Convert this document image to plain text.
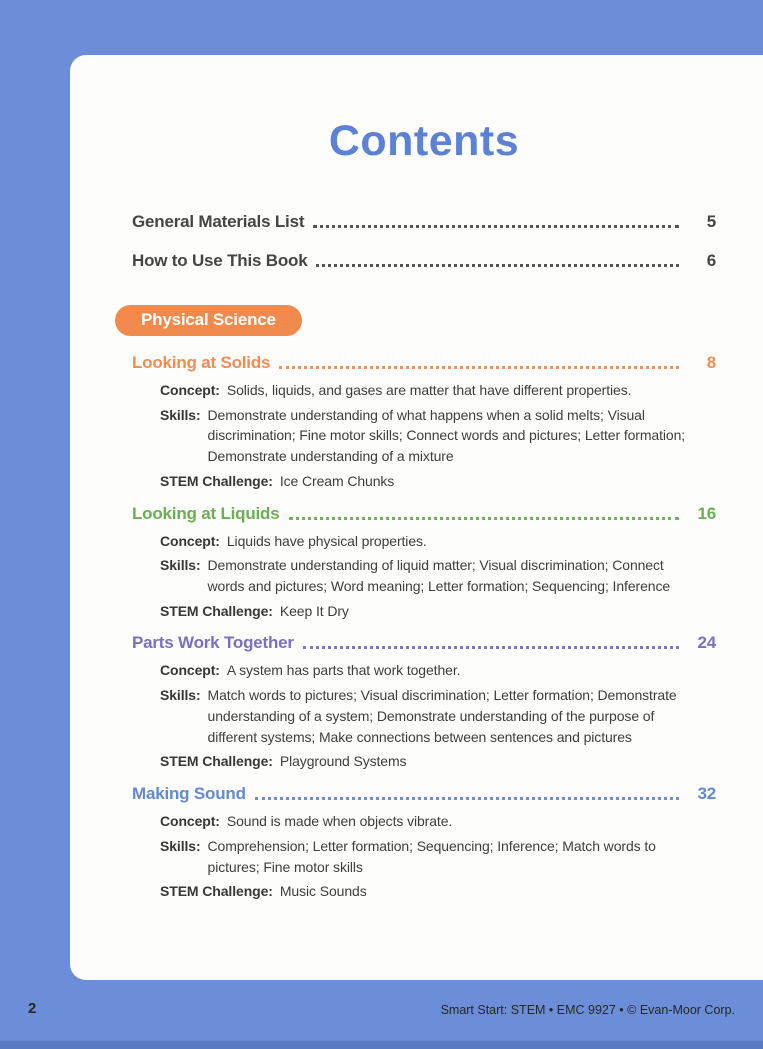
Contents
General Materials List	5
How to Use This Book	6
Physical Science
Looking at Solids	8
Concept: Solids, liquids, and gases are matter that have different properties.
Skills: Demonstrate understanding of what happens when a solid melts; Visual discrimination; Fine motor skills; Connect words and pictures; Letter formation; Demonstrate understanding of a mixture
STEM Challenge: Ice Cream Chunks
Looking at Liquids	16
Concept: Liquids have physical properties.
Skills: Demonstrate understanding of liquid matter; Visual discrimination; Connect words and pictures; Word meaning; Letter formation; Sequencing; Inference
STEM Challenge: Keep It Dry
Parts Work Together	24
Concept: A system has parts that work together.
Skills: Match words to pictures; Visual discrimination; Letter formation; Demonstrate understanding of a system; Demonstrate understanding of the purpose of different systems; Make connections between sentences and pictures
STEM Challenge: Playground Systems
Making Sound	32
Concept: Sound is made when objects vibrate.
Skills: Comprehension; Letter formation; Sequencing; Inference; Match words to pictures; Fine motor skills
STEM Challenge: Music Sounds
2	Smart Start: STEM • EMC 9927 • © Evan-Moor Corp.
